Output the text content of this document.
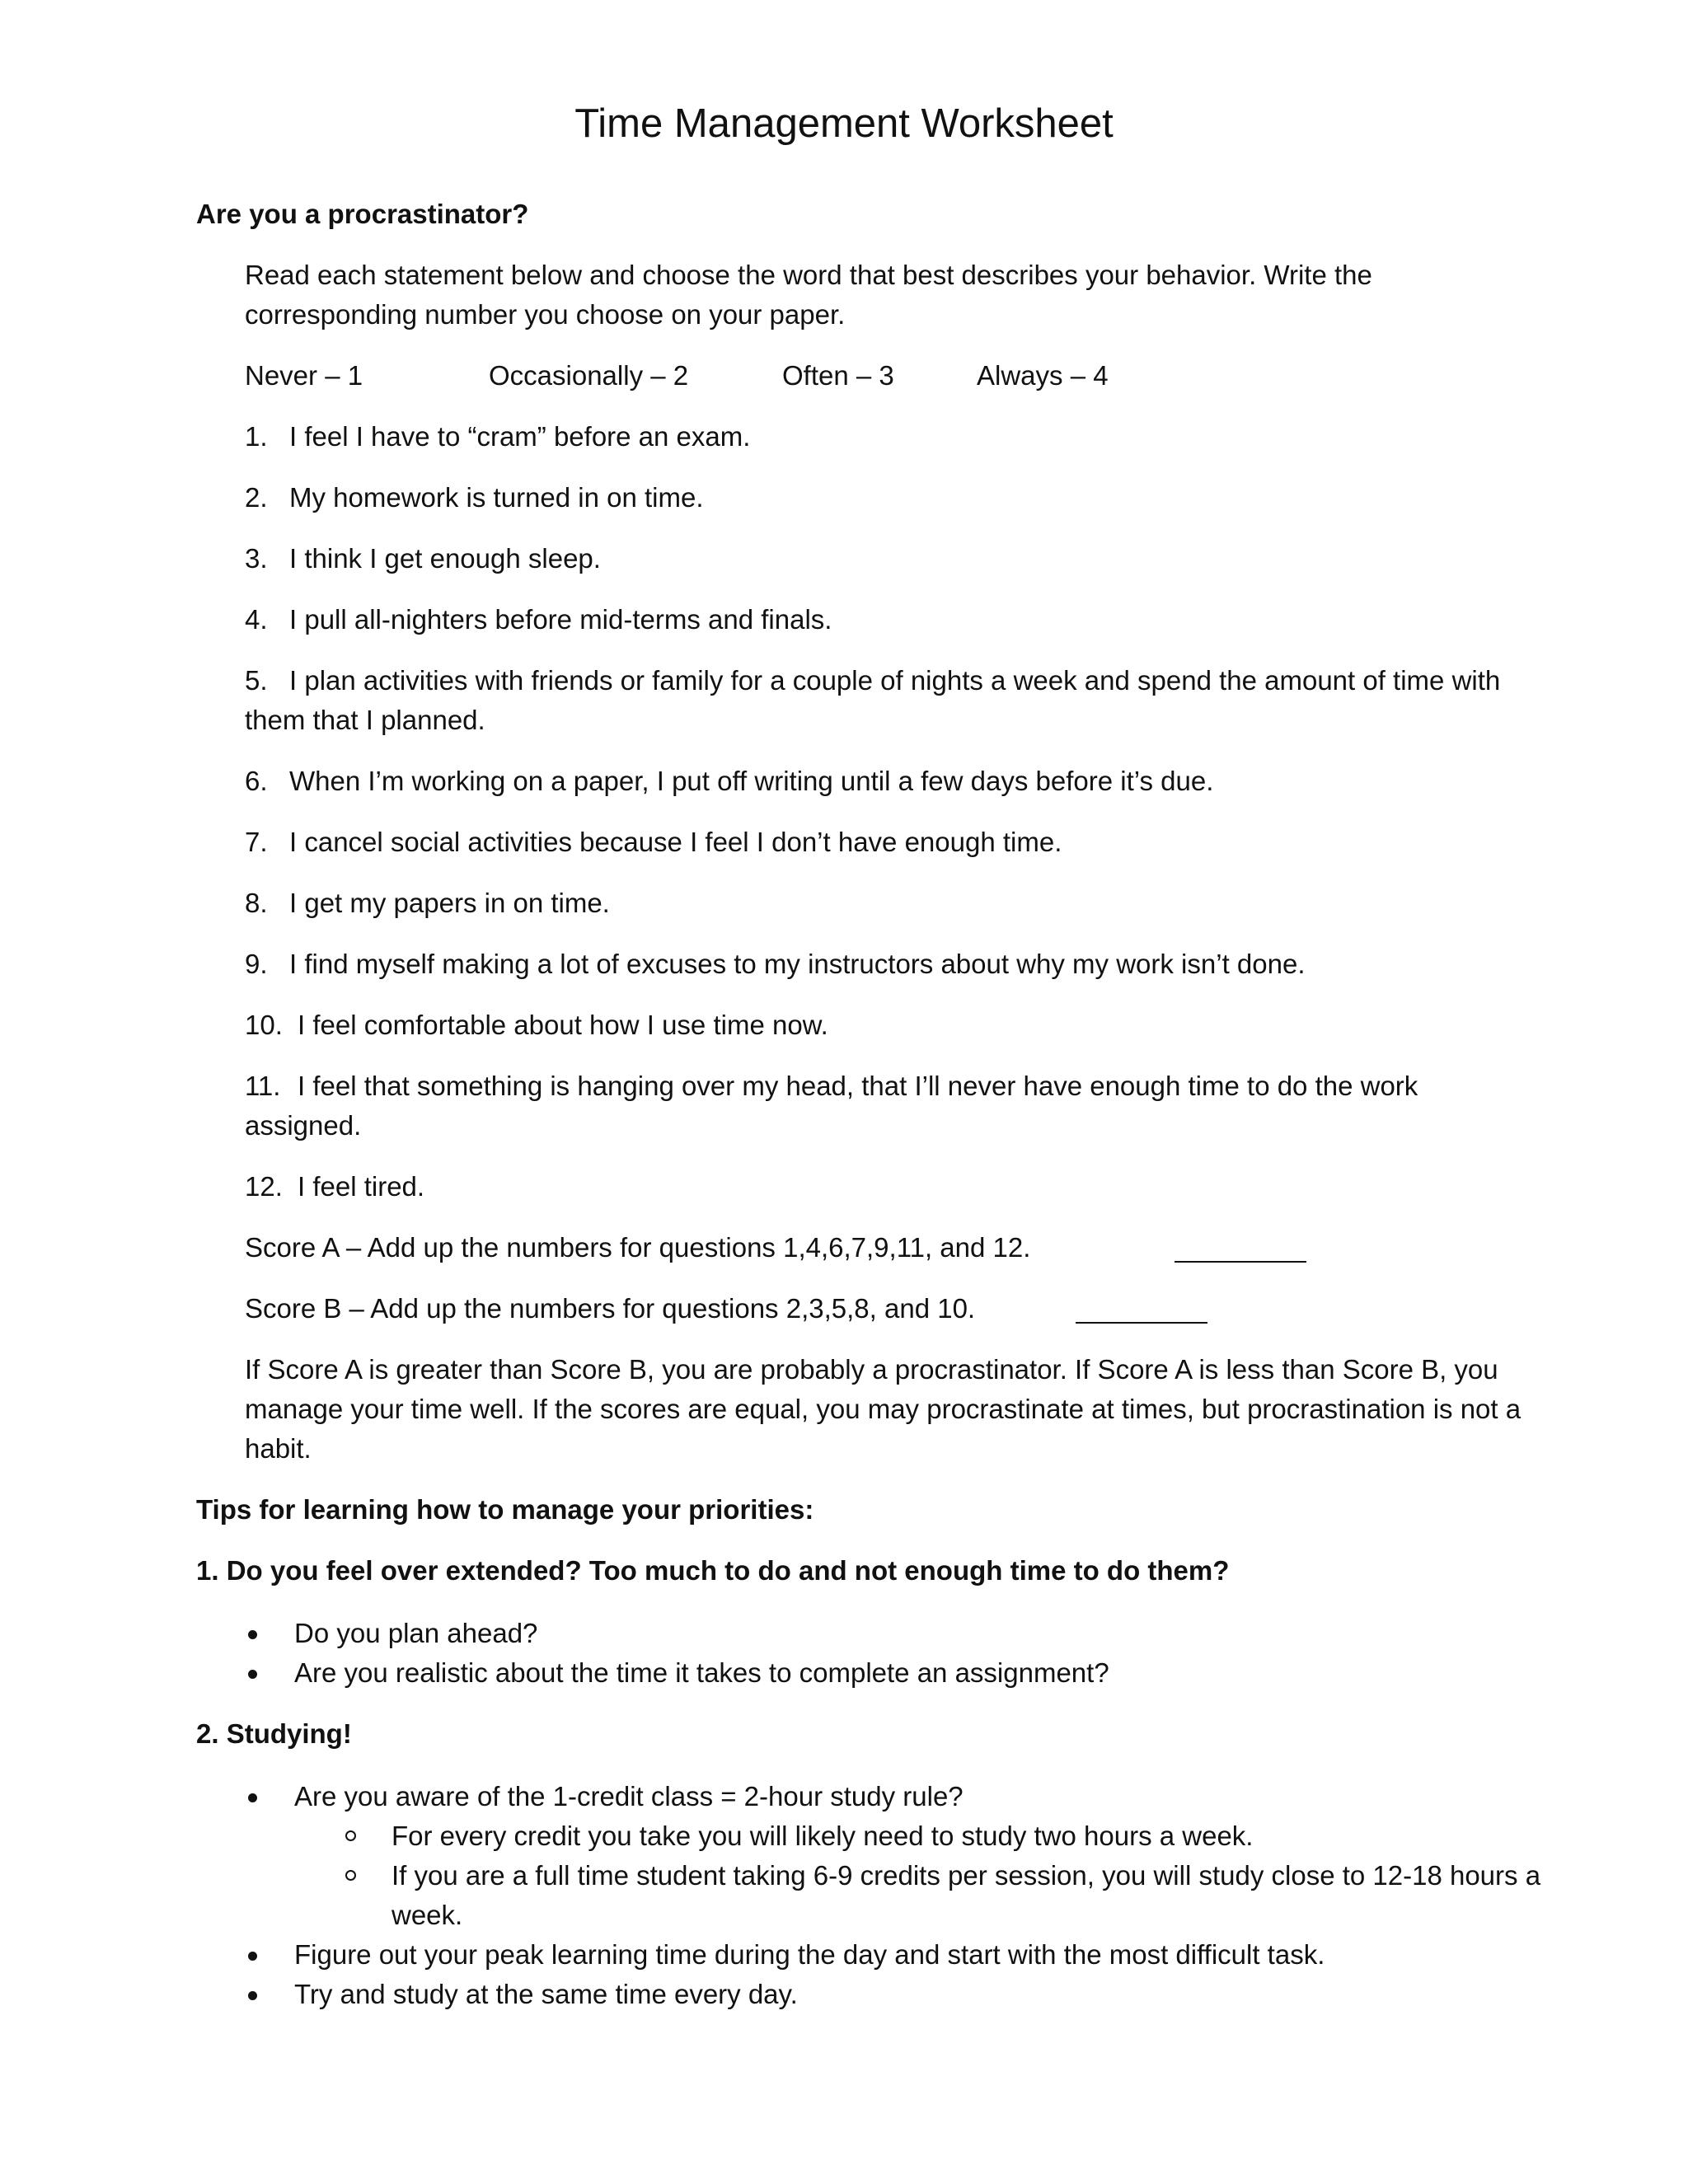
Time Management Worksheet

Are you a procrastinator?

Read each statement below and choose the word that best describes your behavior. Write the corresponding number you choose on your paper.

Never – 1	Occasionally – 2	Often – 3	Always – 4

1. I feel I have to “cram” before an exam.

2. My homework is turned in on time.

3. I think I get enough sleep.

4. I pull all-nighters before mid-terms and finals.

5. I plan activities with friends or family for a couple of nights a week and spend the amount of time with them that I planned.

6. When I’m working on a paper, I put off writing until a few days before it’s due.

7. I cancel social activities because I feel I don’t have enough time.

8. I get my papers in on time.

9. I find myself making a lot of excuses to my instructors about why my work isn’t done.

10. I feel comfortable about how I use time now.

11. I feel that something is hanging over my head, that I’ll never have enough time to do the work assigned.

12. I feel tired.

Score A – Add up the numbers for questions 1,4,6,7,9,11, and 12.
Score B – Add up the numbers for questions 2,3,5,8, and 10.

If Score A is greater than Score B, you are probably a procrastinator. If Score A is less than Score B, you manage your time well. If the scores are equal, you may procrastinate at times, but procrastination is not a habit.

Tips for learning how to manage your priorities:

1. Do you feel over extended? Too much to do and not enough time to do them?

Do you plan ahead?
Are you realistic about the time it takes to complete an assignment?

2. Studying!

Are you aware of the 1-credit class = 2-hour study rule?
For every credit you take you will likely need to study two hours a week.
If you are a full time student taking 6-9 credits per session, you will study close to 12-18 hours a week.
Figure out your peak learning time during the day and start with the most difficult task.
Try and study at the same time every day.
